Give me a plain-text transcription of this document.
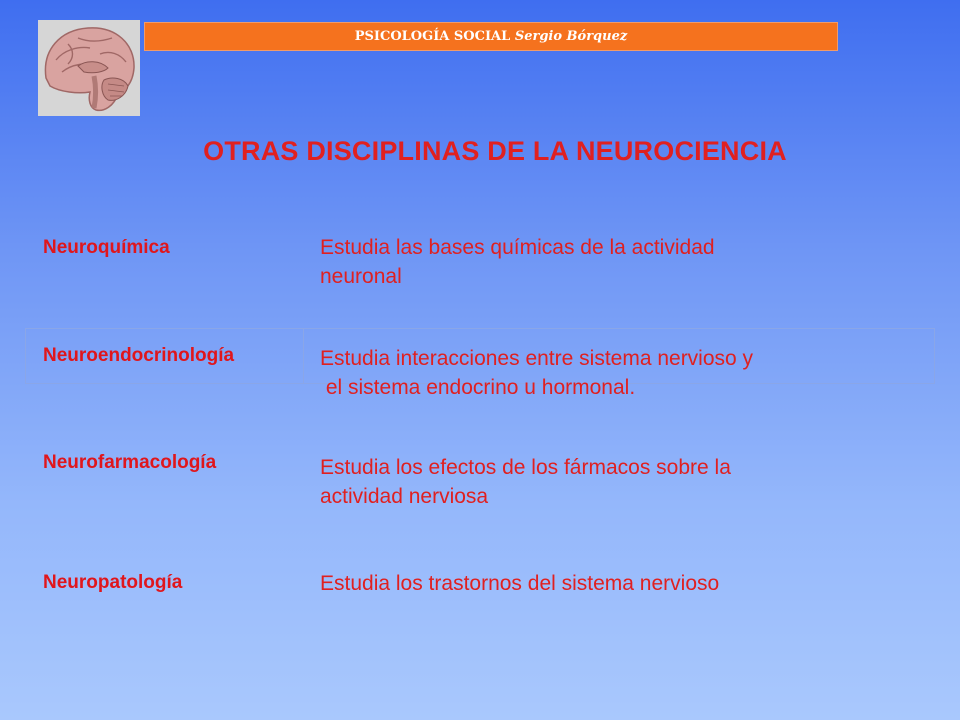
PSICOLOGÍA SOCIAL Sergio Bórquez
OTRAS DISCIPLINAS DE LA NEUROCIENCIA
Neuroquímica	Estudia las bases químicas de la actividad
neuronal
Neuroendocrinología	Estudia interacciones entre sistema nervioso y
el sistema endocrino u hormonal.
Neurofarmacología	Estudia los efectos de los fármacos sobre la
actividad nerviosa
Neuropatología	Estudia los trastornos del sistema nervioso
